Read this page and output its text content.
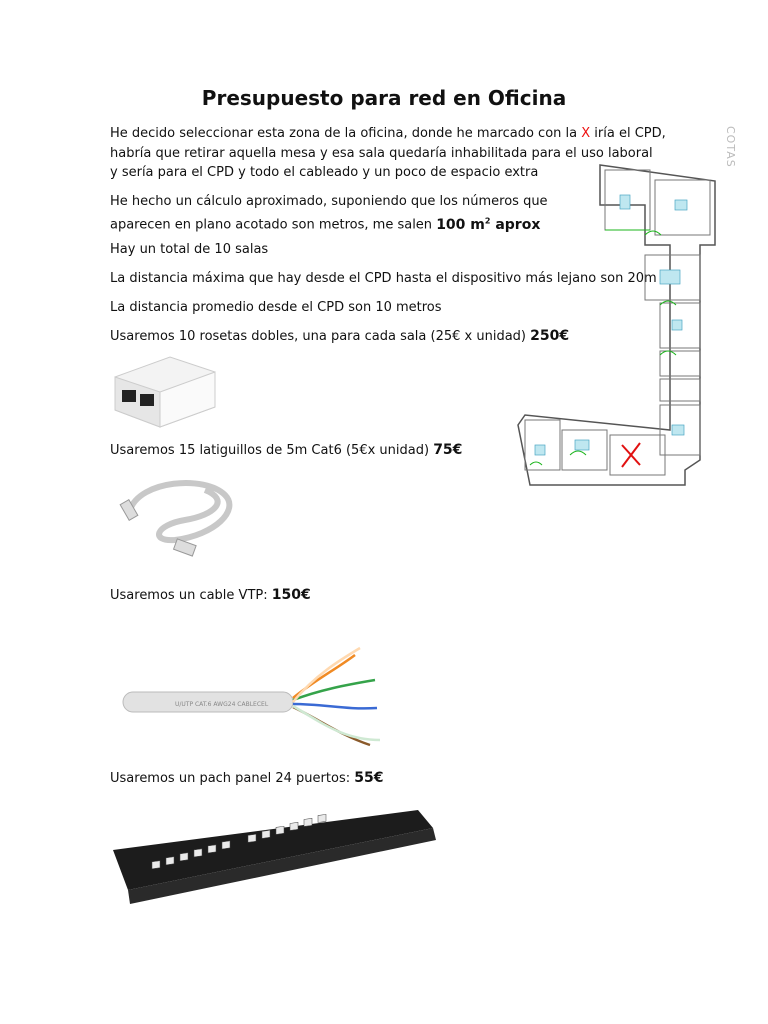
Presupuesto para red en Oficina
He decido seleccionar esta zona de la oficina, donde he marcado con la X iría el CPD,
habría que retirar aquella mesa y esa sala quedaría inhabilitada para el uso laboral
y sería para el CPD y todo el cableado y un poco de espacio extra
He hecho un cálculo aproximado, suponiendo que los números que
aparecen en plano acotado son metros, me salen 100 $m^2$ aprox
Hay un total de 10 salas
La distancia máxima que hay desde el CPD hasta el dispositivo más lejano son 20m
La distancia promedio desde el CPD son 10 metros
Usaremos 10 rosetas dobles, una para cada sala (25€ x unidad) 250€
Usaremos 15 latiguillos de 5m Cat6 (5€x unidad) 75€
Usaremos un cable VTP: 150€
Usaremos un pach panel 24 puertos: 55€
COTAS
U/UTP CAT.6 AWG24 CABLECEL
